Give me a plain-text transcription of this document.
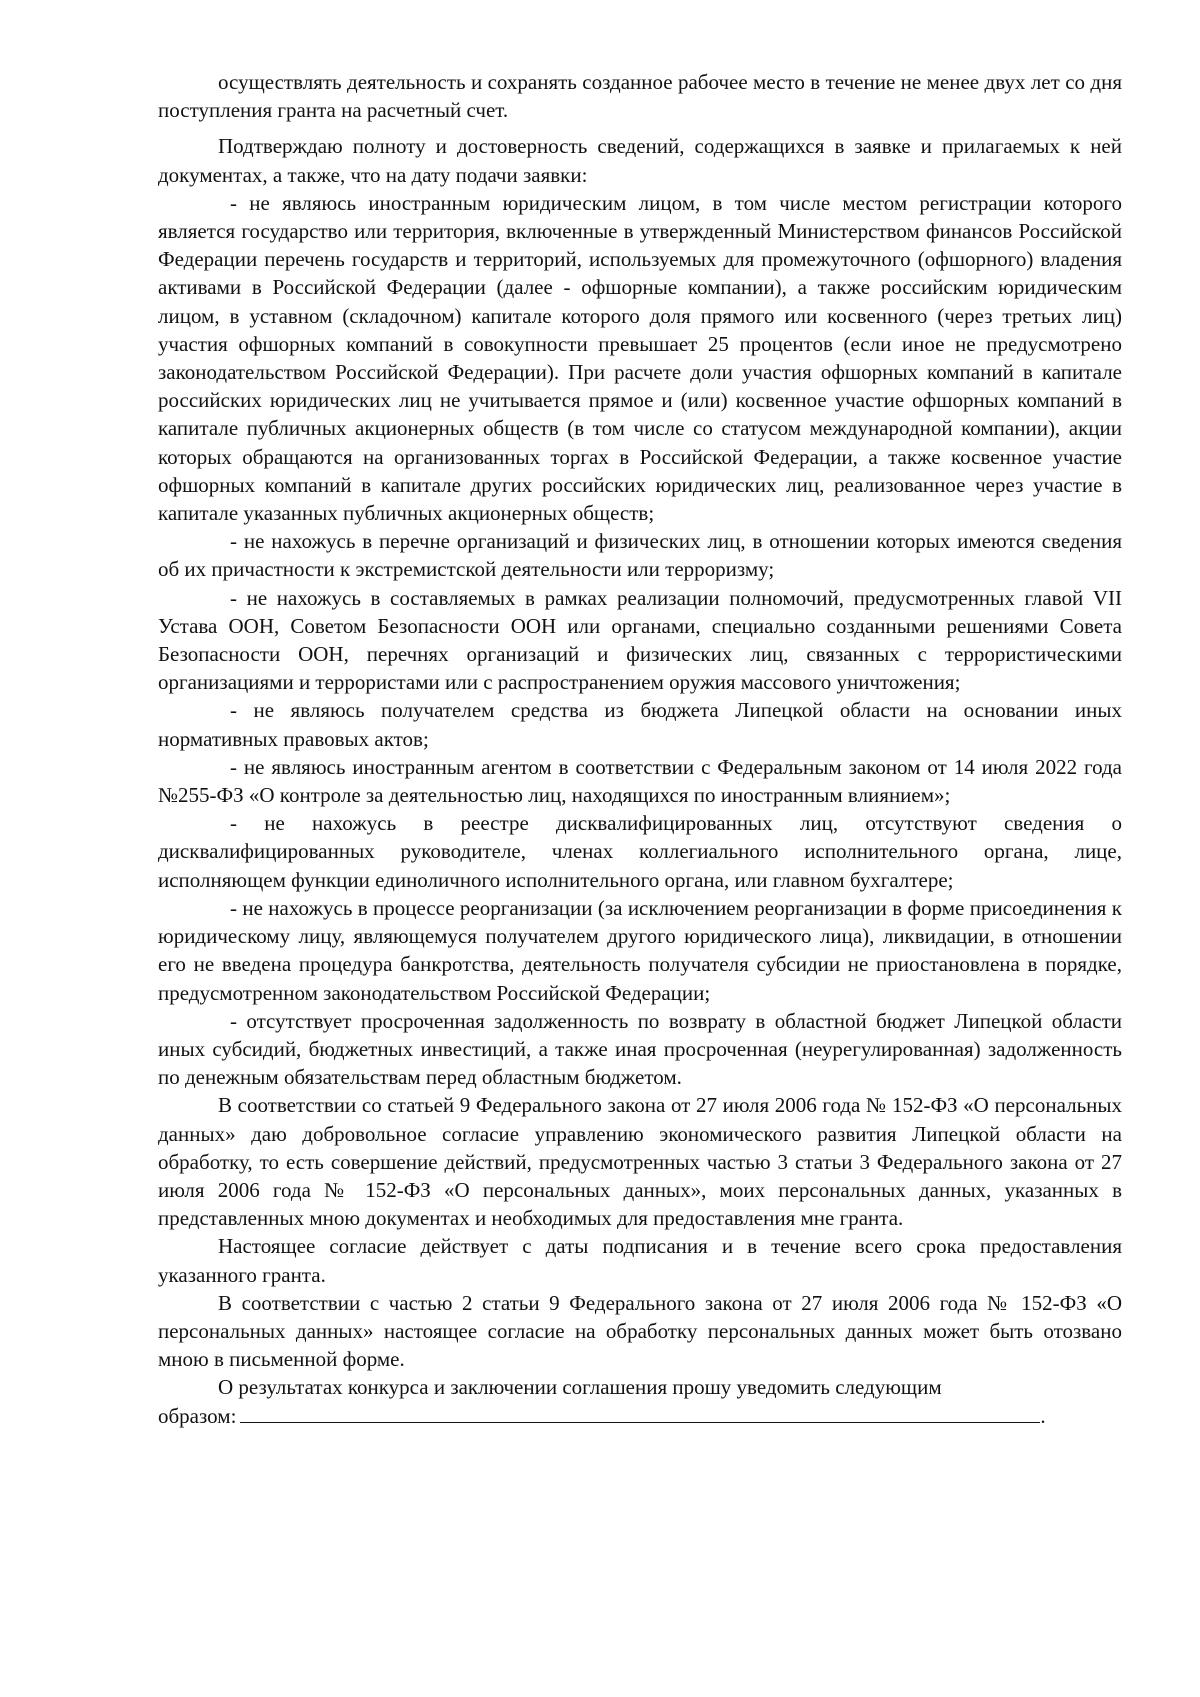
осуществлять деятельность и сохранять созданное рабочее место в течение не менее двух лет со дня поступления гранта на расчетный счет.

Подтверждаю полноту и достоверность сведений, содержащихся в заявке и прилагаемых к ней документах, а также, что на дату подачи заявки:

- не являюсь иностранным юридическим лицом, в том числе местом регистрации которого является государство или территория, включенные в утвержденный Министерством финансов Российской Федерации перечень государств и территорий, используемых для промежуточного (офшорного) владения активами в Российской Федерации (далее - офшорные компании), а также российским юридическим лицом, в уставном (складочном) капитале которого доля прямого или косвенного (через третьих лиц) участия офшорных компаний в совокупности превышает 25 процентов (если иное не предусмотрено законодательством Российской Федерации). При расчете доли участия офшорных компаний в капитале российских юридических лиц не учитывается прямое и (или) косвенное участие офшорных компаний в капитале публичных акционерных обществ (в том числе со статусом международной компании), акции которых обращаются на организованных торгах в Российской Федерации, а также косвенное участие офшорных компаний в капитале других российских юридических лиц, реализованное через участие в капитале указанных публичных акционерных обществ;

- не нахожусь в перечне организаций и физических лиц, в отношении которых имеются сведения об их причастности к экстремистской деятельности или терроризму;

- не нахожусь в составляемых в рамках реализации полномочий, предусмотренных главой VII Устава ООН, Советом Безопасности ООН или органами, специально созданными решениями Совета Безопасности ООН, перечнях организаций и физических лиц, связанных с террористическими организациями и террористами или с распространением оружия массового уничтожения;

- не являюсь получателем средства из бюджета Липецкой области на основании иных нормативных правовых актов;

- не являюсь иностранным агентом в соответствии с Федеральным законом от 14 июля 2022 года №255-ФЗ «О контроле за деятельностью лиц, находящихся по иностранным влиянием»;

- не нахожусь в реестре дисквалифицированных лиц, отсутствуют сведения о дисквалифицированных руководителе, членах коллегиального исполнительного органа, лице, исполняющем функции единоличного исполнительного органа, или главном бухгалтере;

- не нахожусь в процессе реорганизации (за исключением реорганизации в форме присоединения к юридическому лицу, являющемуся получателем другого юридического лица), ликвидации, в отношении его не введена процедура банкротства, деятельность получателя субсидии не приостановлена в порядке, предусмотренном законодательством Российской Федерации;

- отсутствует просроченная задолженность по возврату в областной бюджет Липецкой области иных субсидий, бюджетных инвестиций, а также иная просроченная (неурегулированная) задолженность по денежным обязательствам перед областным бюджетом.

В соответствии со статьей 9 Федерального закона от 27 июля 2006 года № 152-ФЗ «О персональных данных» даю добровольное согласие управлению экономического развития Липецкой области на обработку, то есть совершение действий, предусмотренных частью 3 статьи 3 Федерального закона от 27 июля 2006 года № 152-ФЗ «О персональных данных», моих персональных данных, указанных в представленных мною документах и необходимых для предоставления мне гранта.

Настоящее согласие действует с даты подписания и в течение всего срока предоставления указанного гранта.

В соответствии с частью 2 статьи 9 Федерального закона от 27 июля 2006 года № 152-ФЗ «О персональных данных» настоящее согласие на обработку персональных данных может быть отозвано мною в письменной форме.

О результатах конкурса и заключении соглашения прошу уведомить следующим

образом:	.
